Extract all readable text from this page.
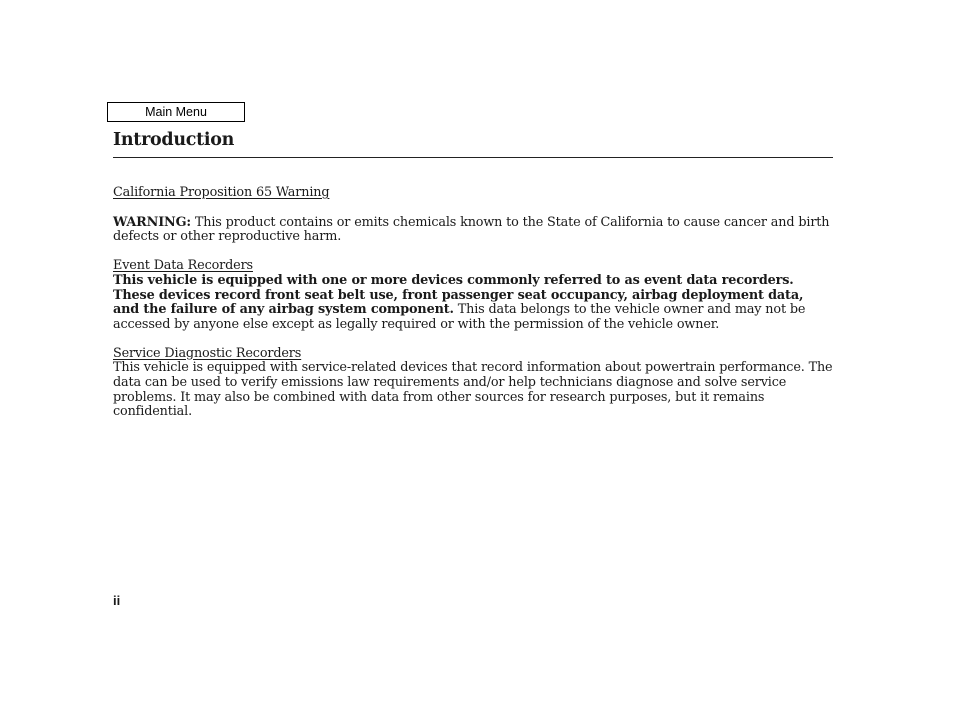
Main Menu
Introduction

California Proposition 65 Warning

WARNING: This product contains or emits chemicals known to the State of California to cause cancer and birth defects or other reproductive harm.

Event Data Recorders

This vehicle is equipped with one or more devices commonly referred to as event data recorders. These devices record front seat belt use, front passenger seat occupancy, airbag deployment data, and the failure of any airbag system component. This data belongs to the vehicle owner and may not be accessed by anyone else except as legally required or with the permission of the vehicle owner.

Service Diagnostic Recorders

This vehicle is equipped with service-related devices that record information about powertrain performance. The data can be used to verify emissions law requirements and/or help technicians diagnose and solve service problems. It may also be combined with data from other sources for research purposes, but it remains confidential.

ii
